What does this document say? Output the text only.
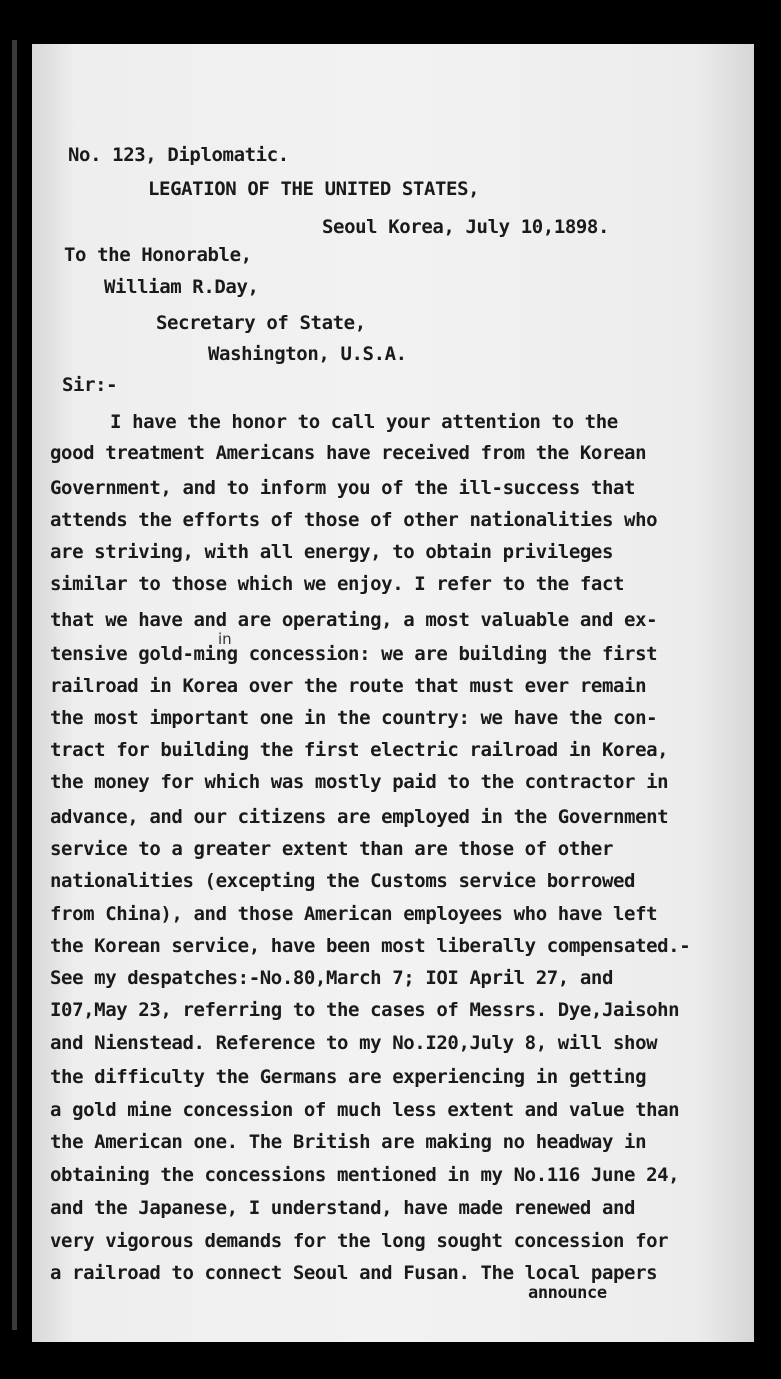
No. 123, Diplomatic.
LEGATION OF THE UNITED STATES,
Seoul Korea, July 10,1898.
To the Honorable,
William R.Day,
Secretary of State,
Washington, U.S.A.
Sir:-
I have the honor to call your attention to the
good treatment Americans have received from the Korean
Government, and to inform you of the ill-success that
attends the efforts of those of other nationalities who
are striving, with all energy, to obtain privileges
similar to those which we enjoy. I refer to the fact
that we have and are operating, a most valuable and ex-
in
tensive gold-ming concession: we are building the first
railroad in Korea over the route that must ever remain
the most important one in the country: we have the con-
tract for building the first electric railroad in Korea,
the money for which was mostly paid to the contractor in
advance, and our citizens are employed in the Government
service to a greater extent than are those of other
nationalities (excepting the Customs service borrowed
from China), and those American employees who have left
the Korean service, have been most liberally compensated.-
See my despatches:-No.80,March 7; IOI April 27, and
I07,May 23, referring to the cases of Messrs. Dye,Jaisohn
and Nienstead. Reference to my No.I20,July 8, will show
the difficulty the Germans are experiencing in getting
a gold mine concession of much less extent and value than
the American one. The British are making no headway in
obtaining the concessions mentioned in my No.116 June 24,
and the Japanese, I understand, have made renewed and
very vigorous demands for the long sought concession for
a railroad to connect Seoul and Fusan. The local papers
announce
